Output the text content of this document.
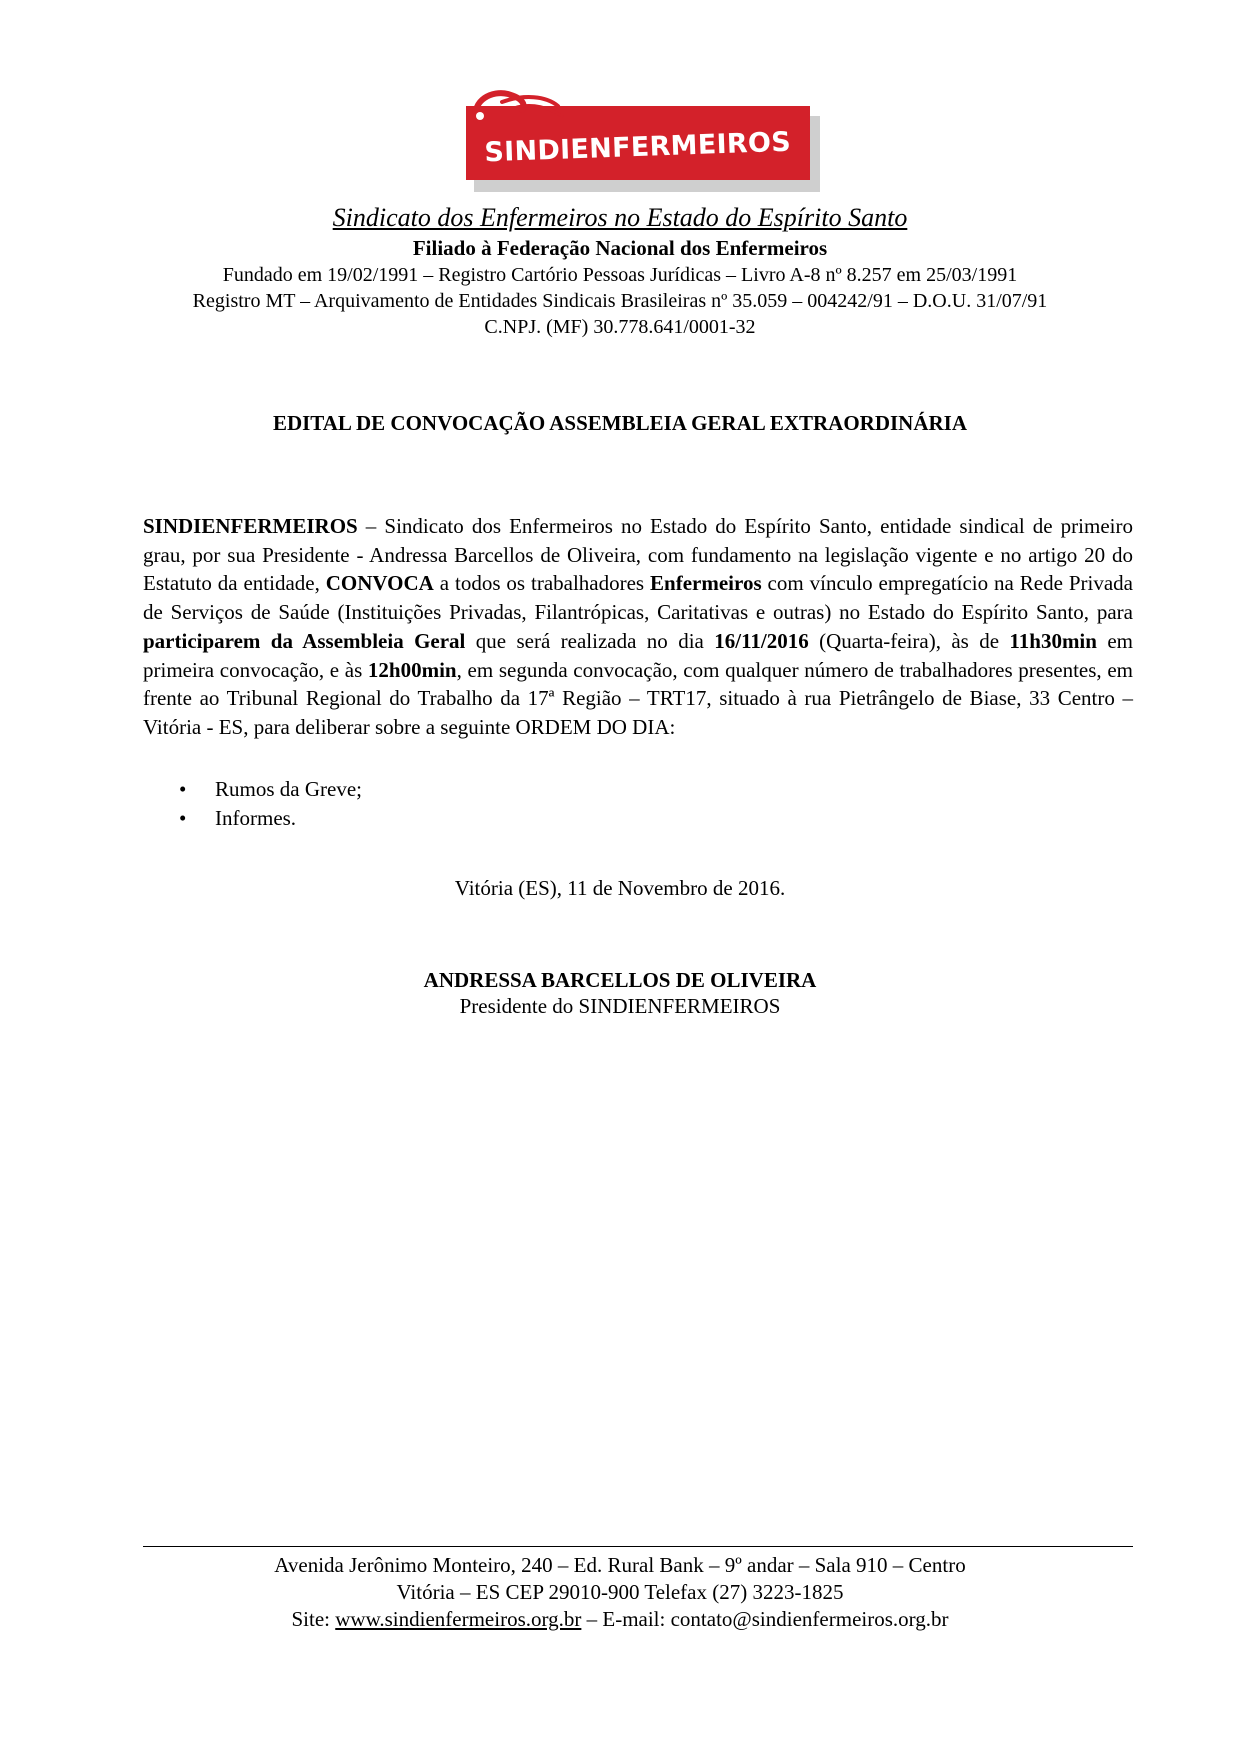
SINDIENFERMEIROS
Sindicato dos Enfermeiros no Estado do Espírito Santo
Filiado à Federação Nacional dos Enfermeiros
Fundado em 19/02/1991 – Registro Cartório Pessoas Jurídicas – Livro A-8 nº 8.257 em 25/03/1991
Registro MT – Arquivamento de Entidades Sindicais Brasileiras nº 35.059 – 004242/91 – D.O.U. 31/07/91
C.NPJ. (MF) 30.778.641/0001-32
EDITAL DE CONVOCAÇÃO ASSEMBLEIA GERAL EXTRAORDINÁRIA
SINDIENFERMEIROS – Sindicato dos Enfermeiros no Estado do Espírito Santo, entidade sindical de primeiro grau, por sua Presidente - Andressa Barcellos de Oliveira, com fundamento na legislação vigente e no artigo 20 do Estatuto da entidade, CONVOCA a todos os trabalhadores Enfermeiros com vínculo empregatício na Rede Privada de Serviços de Saúde (Instituições Privadas, Filantrópicas, Caritativas e outras) no Estado do Espírito Santo, para participarem da Assembleia Geral que será realizada no dia 16/11/2016 (Quarta-feira), às de 11h30min em primeira convocação, e às 12h00min, em segunda convocação, com qualquer número de trabalhadores presentes, em frente ao Tribunal Regional do Trabalho da 17ª Região – TRT17, situado à rua Pietrângelo de Biase, 33 Centro – Vitória - ES, para deliberar sobre a seguinte ORDEM DO DIA:
• Rumos da Greve;
• Informes.
Vitória (ES), 11 de Novembro de 2016.
ANDRESSA BARCELLOS DE OLIVEIRA
Presidente do SINDIENFERMEIROS
Avenida Jerônimo Monteiro, 240 – Ed. Rural Bank – 9º andar – Sala 910 – Centro
Vitória – ES CEP 29010-900 Telefax (27) 3223-1825
Site: www.sindienfermeiros.org.br – E-mail: contato@sindienfermeiros.org.br
